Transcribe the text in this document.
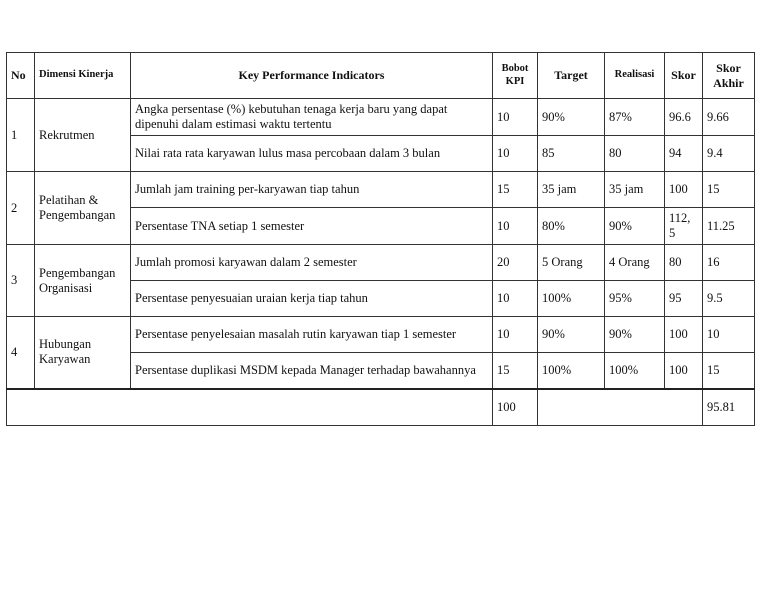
No	Dimensi Kinerja	Key Performance Indicators	Bobot KPI	Target	Realisasi	Skor	Skor Akhir
1	Rekrutmen	Angka persentase (%) kebutuhan tenaga kerja baru yang dapat dipenuhi dalam estimasi waktu tertentu	10	90%	87%	96.6	9.66
		Nilai rata rata karyawan lulus masa percobaan dalam 3 bulan	10	85	80	94	9.4
2	Pelatihan & Pengembangan	Jumlah jam training per-karyawan tiap tahun	15	35 jam	35 jam	100	15
		Persentase TNA setiap 1 semester	10	80%	90%	112, 5	11.25
3	Pengembangan Organisasi	Jumlah promosi karyawan dalam 2 semester	20	5 Orang	4 Orang	80	16
		Persentase penyesuaian uraian kerja tiap tahun	10	100%	95%	95	9.5
4	Hubungan Karyawan	Persentase penyelesaian masalah rutin karyawan tiap 1 semester	10	90%	90%	100	10
		Persentase duplikasi MSDM kepada Manager terhadap bawahannya	15	100%	100%	100	15
			100				95.81
